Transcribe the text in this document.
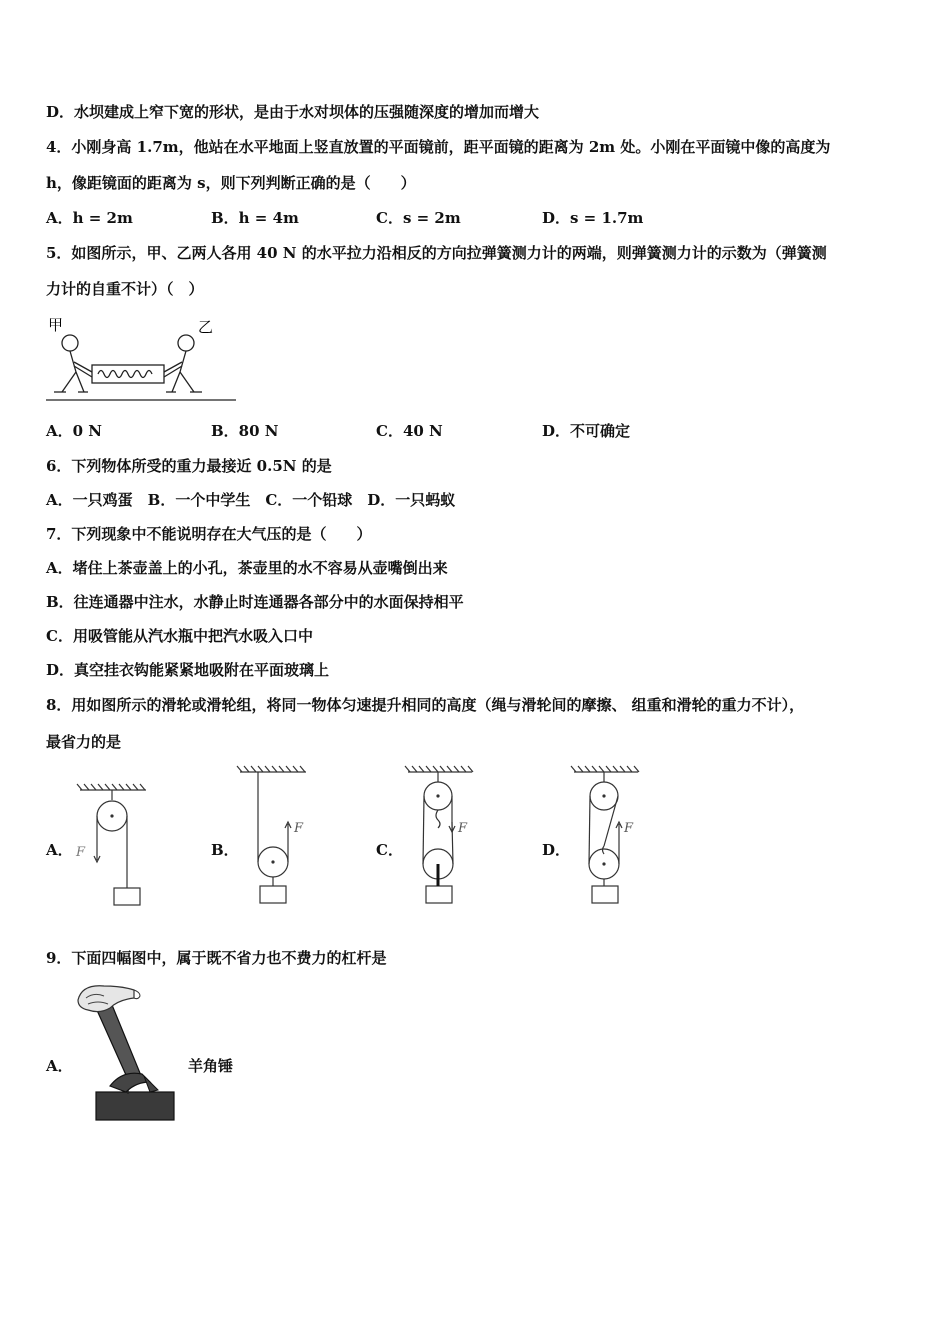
D．水坝建成上窄下宽的形状，是由于水对坝体的压强随深度的增加而增大
4．小刚身高 1.7m，他站在水平地面上竖直放置的平面镜前，距平面镜的距离为 2m 处。小刚在平面镜中像的高度为
h，像距镜面的距离为 s，则下列判断正确的是（　　）
A．h = 2m	B．h = 4m	C．s = 2m	D．s = 1.7m
5．如图所示，甲、乙两人各用 40 N 的水平拉力沿相反的方向拉弹簧测力计的两端，则弹簧测力计的示数为（弹簧测
力计的自重不计）（　）
甲	乙
A．0 N	B．80 N	C．40 N	D．不可确定
6．下列物体所受的重力最接近 0.5N 的是
A．一只鸡蛋　B．一个中学生　C．一个铅球　D．一只蚂蚁
7．下列现象中不能说明存在大气压的是（　　）
A．堵住上茶壶盖上的小孔，茶壶里的水不容易从壶嘴倒出来
B．往连通器中注水，水静止时连通器各部分中的水面保持相平
C．用吸管能从汽水瓶中把汽水吸入口中
D．真空挂衣钩能紧紧地吸附在平面玻璃上
8．用如图所示的滑轮或滑轮组，将同一物体匀速提升相同的高度（绳与滑轮间的摩擦、 组重和滑轮的重力不计），
最省力的是
A．	B．	C．	D．
F
F	F	F
9．下面四幅图中，属于既不省力也不费力的杠杆是
A．	羊角锤
